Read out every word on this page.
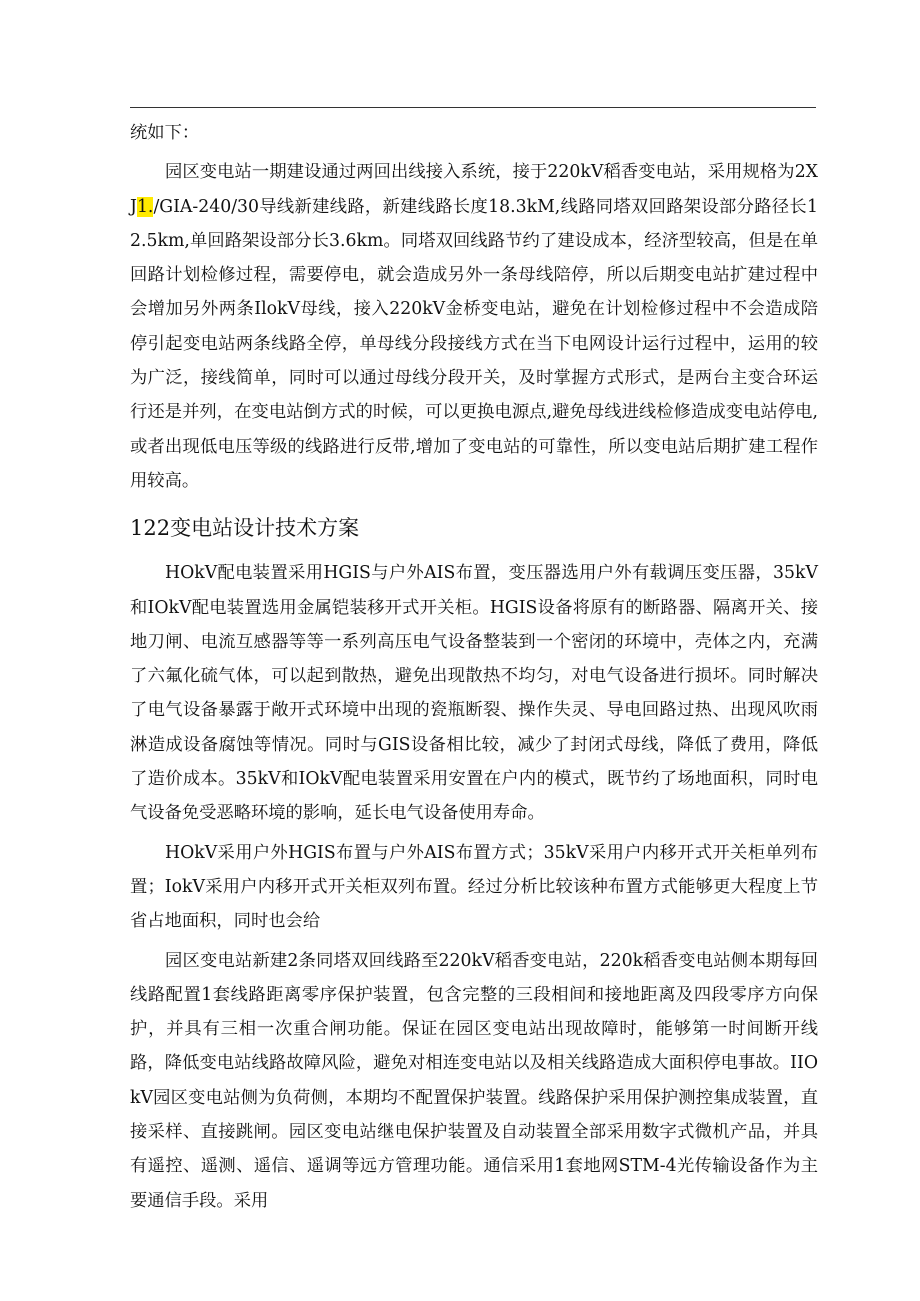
统如下：

园区变电站一期建设通过两回出线接入系统，接于220kV稻香变电站，采用规格为2XJ1./GIA-240/30导线新建线路，新建线路长度18.3kM,线路同塔双回路架设部分路径长12.5km,单回路架设部分长3.6km。同塔双回线路节约了建设成本，经济型较高，但是在单回路计划检修过程，需要停电，就会造成另外一条母线陪停，所以后期变电站扩建过程中会增加另外两条IlokV母线，接入220kV金桥变电站，避免在计划检修过程中不会造成陪停引起变电站两条线路全停，单母线分段接线方式在当下电网设计运行过程中，运用的较为广泛，接线简单，同时可以通过母线分段开关，及时掌握方式形式，是两台主变合环运行还是并列，在变电站倒方式的时候，可以更换电源点,避免母线进线检修造成变电站停电,或者出现低电压等级的线路进行反带,增加了变电站的可靠性，所以变电站后期扩建工程作用较高。

122变电站设计技术方案

HOkV配电装置采用HGIS与户外AIS布置，变压器选用户外有载调压变压器，35kV和IOkV配电装置选用金属铠装移开式开关柜。HGIS设备将原有的断路器、隔离开关、接地刀闸、电流互感器等等一系列高压电气设备整装到一个密闭的环境中，壳体之内，充满了六氟化硫气体，可以起到散热，避免出现散热不均匀，对电气设备进行损坏。同时解决了电气设备暴露于敞开式环境中出现的瓷瓶断裂、操作失灵、导电回路过热、出现风吹雨淋造成设备腐蚀等情况。同时与GIS设备相比较，减少了封闭式母线，降低了费用，降低了造价成本。35kV和IOkV配电装置采用安置在户内的模式，既节约了场地面积，同时电气设备免受恶略环境的影响，延长电气设备使用寿命。

HOkV采用户外HGIS布置与户外AIS布置方式；35kV采用户内移开式开关柜单列布置；IokV采用户内移开式开关柜双列布置。经过分析比较该种布置方式能够更大程度上节省占地面积，同时也会给

园区变电站新建2条同塔双回线路至220kV稻香变电站，220k稻香变电站侧本期每回线路配置1套线路距离零序保护装置，包含完整的三段相间和接地距离及四段零序方向保护，并具有三相一次重合闸功能。保证在园区变电站出现故障时，能够第一时间断开线路，降低变电站线路故障风险，避免对相连变电站以及相关线路造成大面积停电事故。IIOkV园区变电站侧为负荷侧，本期均不配置保护装置。线路保护采用保护测控集成装置，直接采样、直接跳闸。园区变电站继电保护装置及自动装置全部采用数字式微机产品，并具有遥控、遥测、遥信、遥调等远方管理功能。通信采用1套地网STM-4光传输设备作为主要通信手段。采用
